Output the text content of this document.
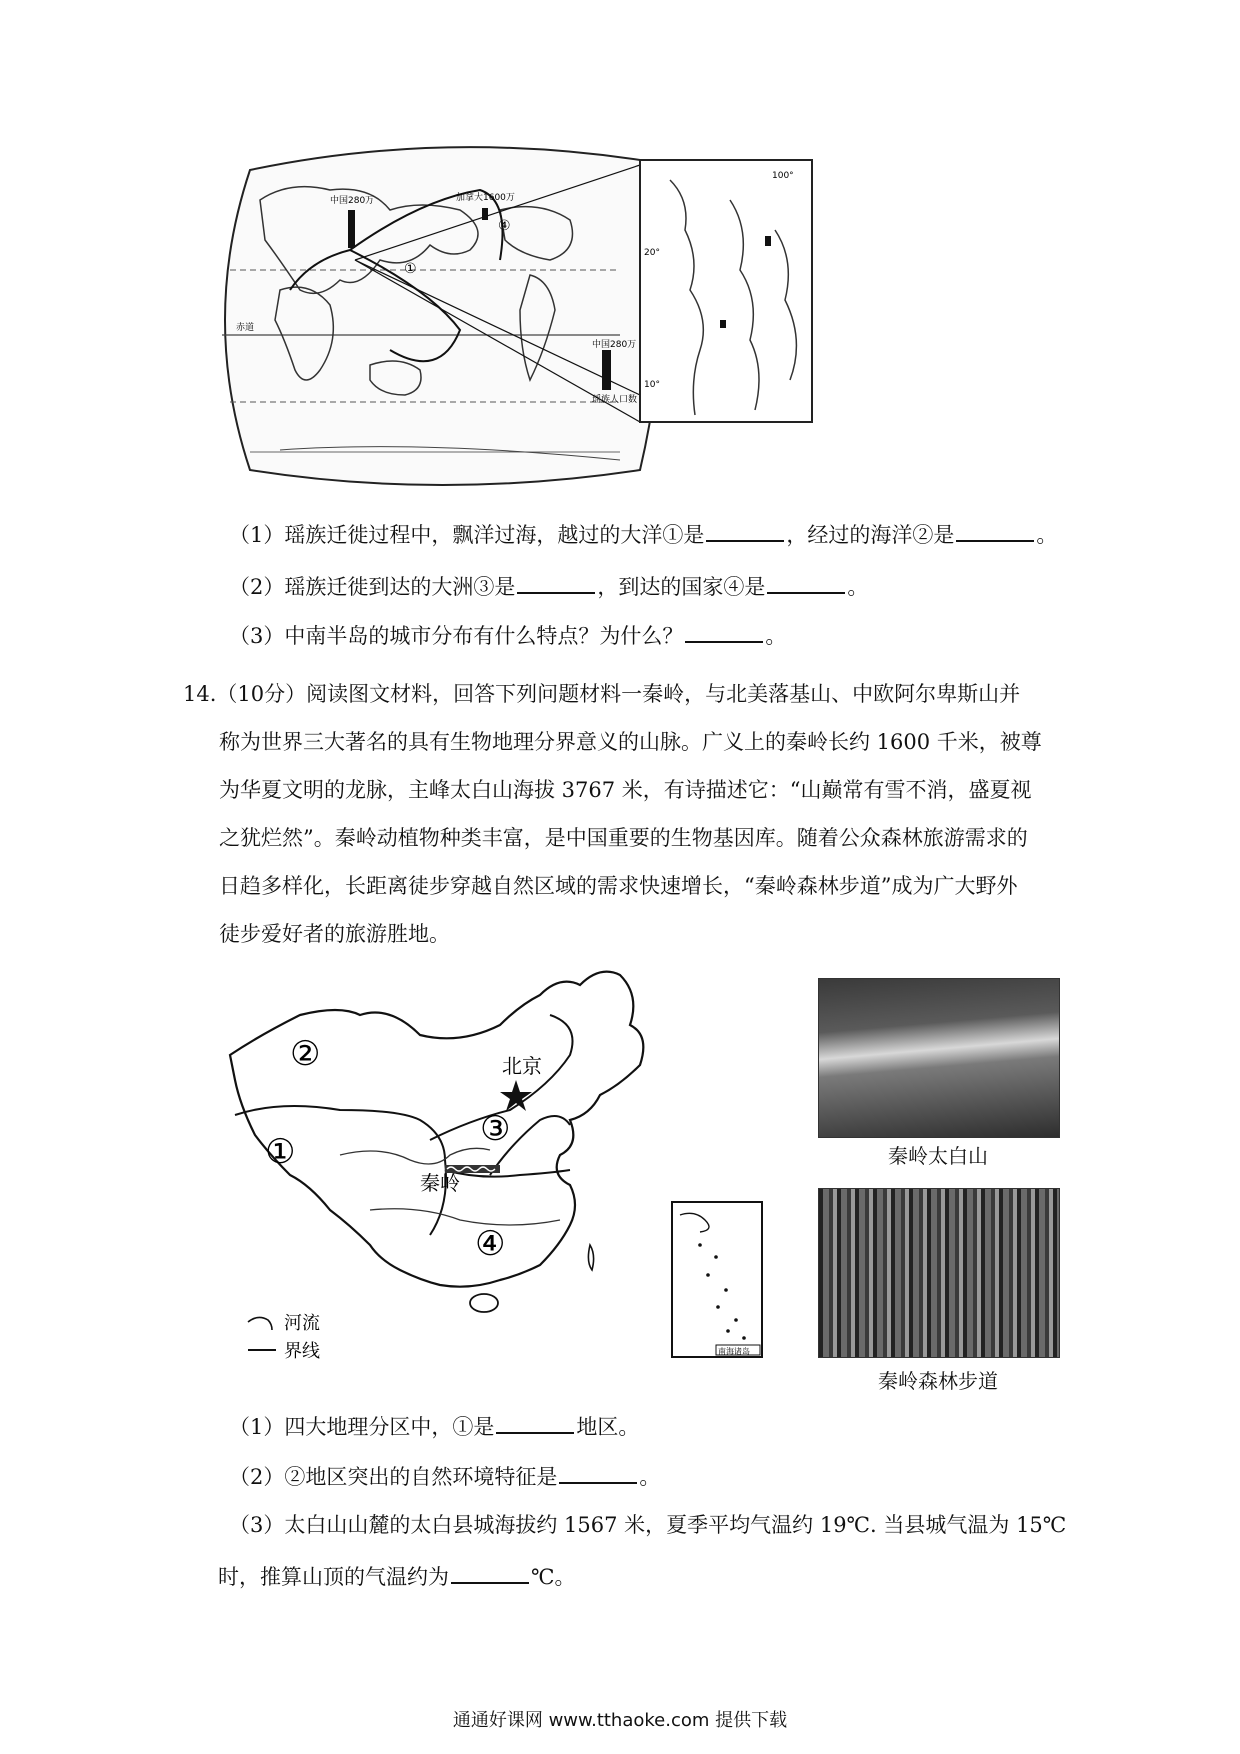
中国280万	加拿大1600万
①
④
赤道
100°
20°
10°
中国280万
瑶族人口数
（1）瑶族迁徙过程中，飘洋过海，越过的大洋①是	，经过的海洋②是	。
（2）瑶族迁徙到达的大洲③是	，到达的国家④是	。
（3）中南半岛的城市分布有什么特点？为什么？	。

14.（10分）阅读图文材料，回答下列问题材料一秦岭，与北美落基山、中欧阿尔卑斯山并

称为世界三大著名的具有生物地理分界意义的山脉。广义上的秦岭长约 1600 千米，被尊

为华夏文明的龙脉，主峰太白山海拔 3767 米，有诗描述它：“山巅常有雪不消，盛夏视

之犹烂然”。秦岭动植物种类丰富，是中国重要的生物基因库。随着公众森林旅游需求的

日趋多样化，长距离徒步穿越自然区域的需求快速增长，“秦岭森林步道”成为广大野外

徒步爱好者的旅游胜地。

北京
秦岭
②
①
③
④
河流
界线	南海诸岛
秦岭太白山
秦岭森林步道
（1）四大地理分区中，①是	地区。
（2）②地区突出的自然环境特征是	。
（3）太白山山麓的太白县城海拔约 1567 米，夏季平均气温约 19℃. 当县城气温为 15℃
时，推算山顶的气温约为	℃。
通通好课网 www.tthaoke.com 提供下载
